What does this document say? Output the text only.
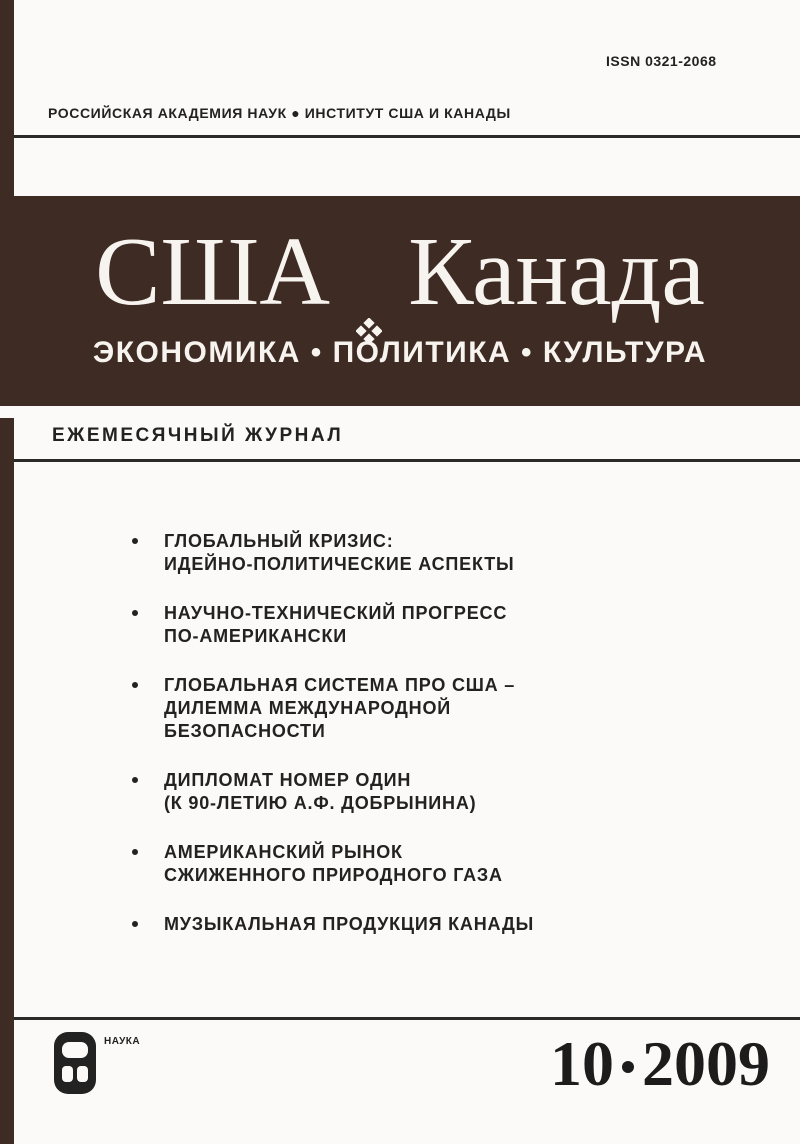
ISSN 0321-2068
РОССИЙСКАЯ АКАДЕМИЯ НАУК ● ИНСТИТУТ США И КАНАДЫ
США Канада
ЭКОНОМИКА • ПОЛИТИКА • КУЛЬТУРА
ЕЖЕМЕСЯЧНЫЙ ЖУРНАЛ
ГЛОБАЛЬНЫЙ КРИЗИС:
ИДЕЙНО-ПОЛИТИЧЕСКИЕ АСПЕКТЫ
НАУЧНО-ТЕХНИЧЕСКИЙ ПРОГРЕСС
ПО-АМЕРИКАНСКИ
ГЛОБАЛЬНАЯ СИСТЕМА ПРО США –
ДИЛЕММА МЕЖДУНАРОДНОЙ
БЕЗОПАСНОСТИ
ДИПЛОМАТ НОМЕР ОДИН
(К 90-ЛЕТИЮ А.Ф. ДОБРЫНИНА)
АМЕРИКАНСКИЙ РЫНОК
СЖИЖЕННОГО ПРИРОДНОГО ГАЗА
МУЗЫКАЛЬНАЯ ПРОДУКЦИЯ КАНАДЫ
НАУКА	10 2009
